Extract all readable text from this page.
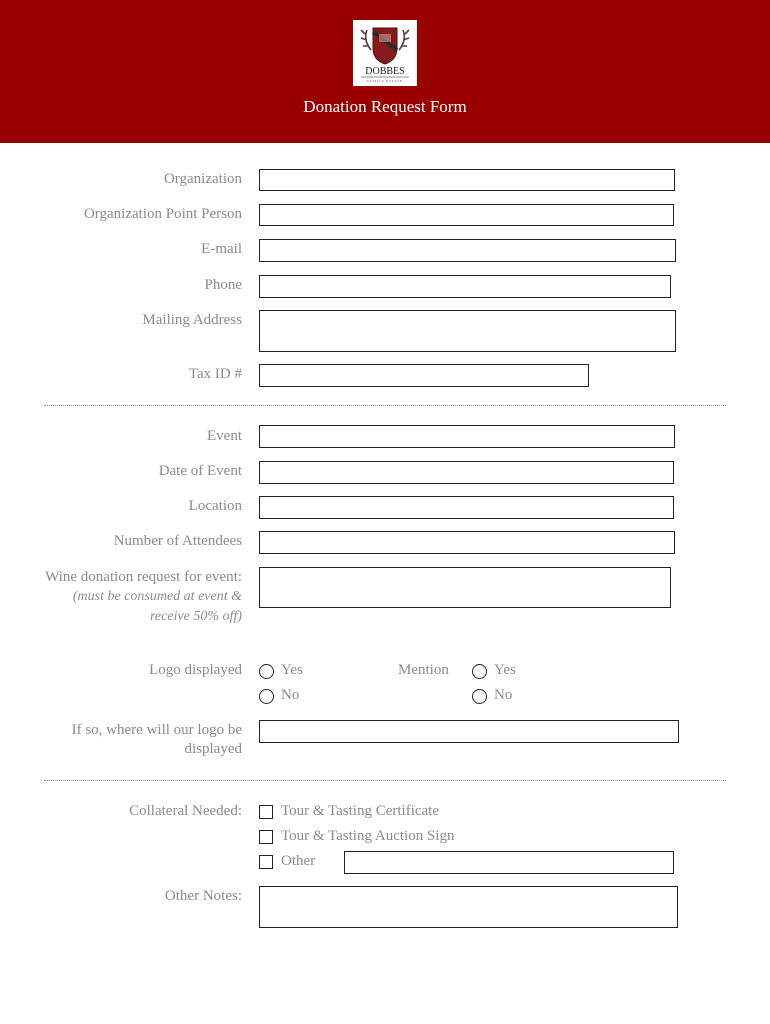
DOBBES
FAMILY ESTATE
Donation Request Form
Organization
Organization Point Person
E-mail
Phone
Mailing Address
Tax ID #
Event
Date of Event
Location
Number of Attendees
Wine donation request for event:
(must be consumed at event & receive 50% off)
Logo displayed	Yes
No
Mention	Yes
No
If so, where will our logo be displayed
Collateral Needed:	Tour & Tasting Certificate
Tour & Tasting Auction Sign
Other
Other Notes:
